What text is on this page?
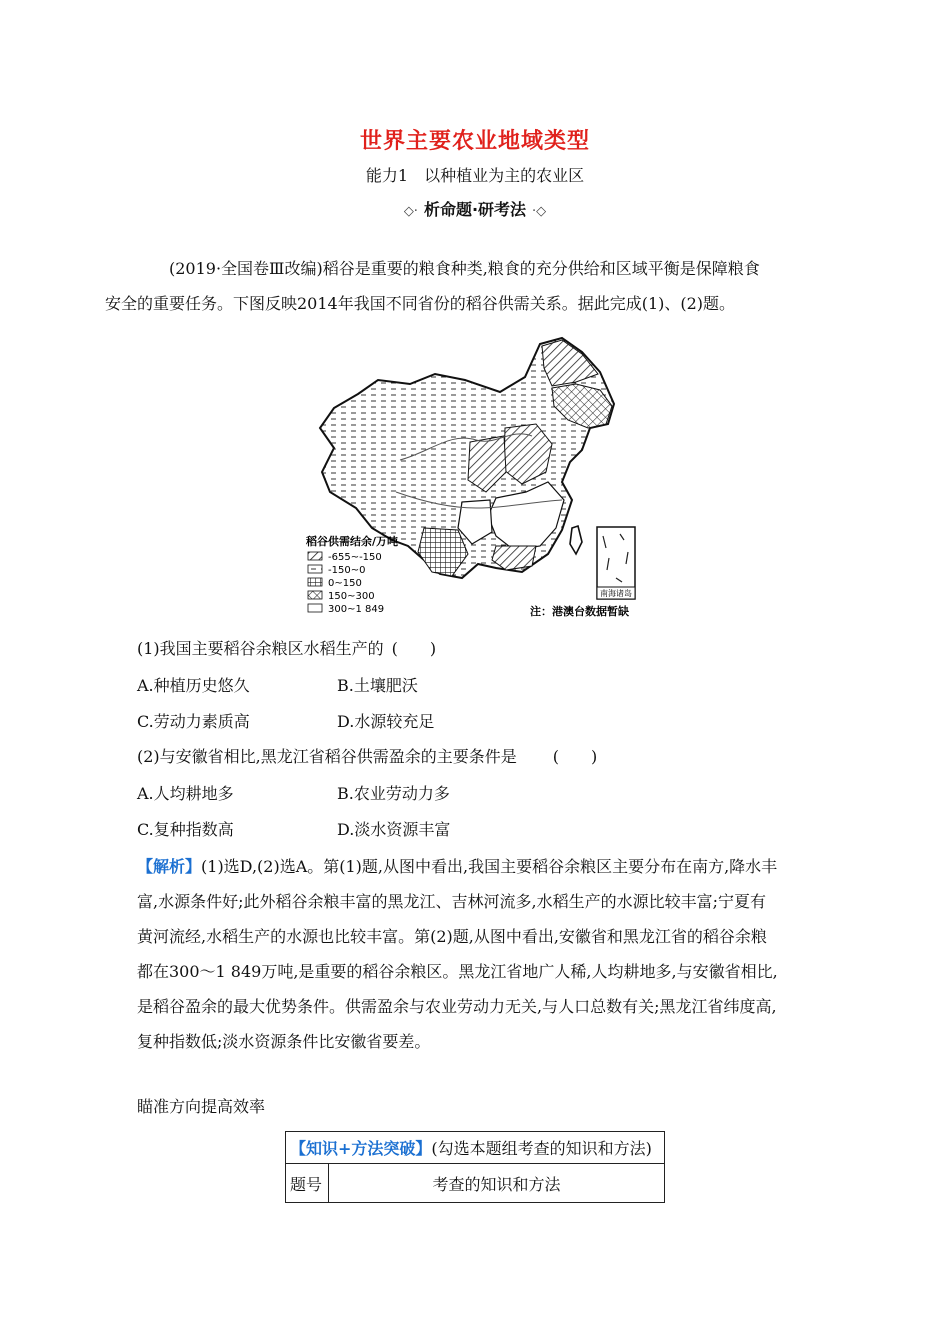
世界主要农业地域类型
能力1　以种植业为主的农业区
◇· 析命题·研考法 ·◇
(2019·全国卷Ⅲ改编)稻谷是重要的粮食种类,粮食的充分供给和区域平衡是保障粮食
安全的重要任务。下图反映2014年我国不同省份的稻谷供需关系。据此完成(1)、(2)题。
南海诸岛
稻谷供需结余/万吨
-655~-150
-150~0
0~150
150~300
300~1 849	注：港澳台数据暂缺
(1)我国主要稻谷余粮区水稻生产的 (　　)
A.种植历史悠久	B.土壤肥沃
C.劳动力素质高	D.水源较充足
(2)与安徽省相比,黑龙江省稻谷供需盈余的主要条件是 (　　)
A.人均耕地多	B.农业劳动力多
C.复种指数高	D.淡水资源丰富
【解析】(1)选D,(2)选A。第(1)题,从图中看出,我国主要稻谷余粮区主要分布在南方,降水丰
富,水源条件好;此外稻谷余粮丰富的黑龙江、吉林河流多,水稻生产的水源比较丰富;宁夏有
黄河流经,水稻生产的水源也比较丰富。第(2)题,从图中看出,安徽省和黑龙江省的稻谷余粮
都在300～1 849万吨,是重要的稻谷余粮区。黑龙江省地广人稀,人均耕地多,与安徽省相比,
是稻谷盈余的最大优势条件。供需盈余与农业劳动力无关,与人口总数有关;黑龙江省纬度高,
复种指数低;淡水资源条件比安徽省要差。
瞄准方向提高效率
【知识+方法突破】(勾选本题组考查的知识和方法)
题号	考查的知识和方法
